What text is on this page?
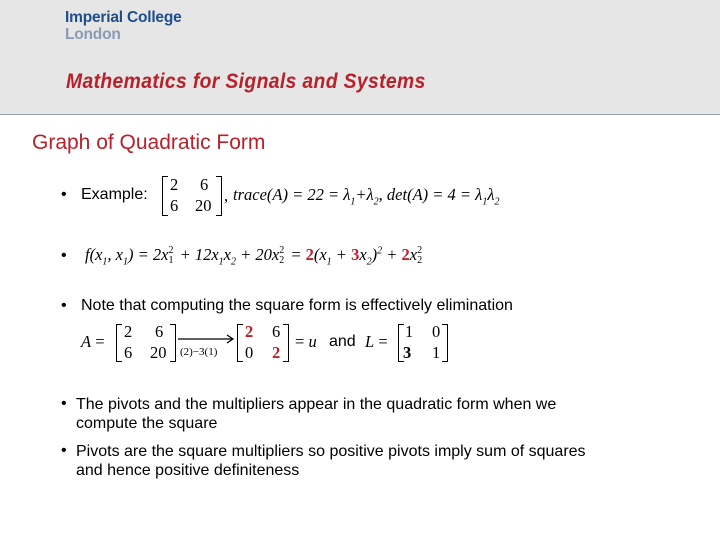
Imperial College
London
Mathematics for Signals and Systems
Graph of Quadratic Form
• Example:
2 6
6 20
, trace(A) = $22 = \lambda_1+\lambda_2$, $\det(A) = 4 = \lambda_1\lambda_2$
• $f(x_1$, $x_1) = 2x$ 2
$1 + 12x_1x_2 + 20x$ 2
$2 = 2(x_1 + 3x_2)^2 + 2x$ 2
2
• Note that computing the square form is effectively elimination
A =
2 6
6 20 (2)−3(1)
2 6
0 2
= u and L =
1 0
3 1
• The pivots and the multipliers appear in the quadratic form when we
compute the square
• Pivots are the square multipliers so positive pivots imply sum of squares
and hence positive definiteness
